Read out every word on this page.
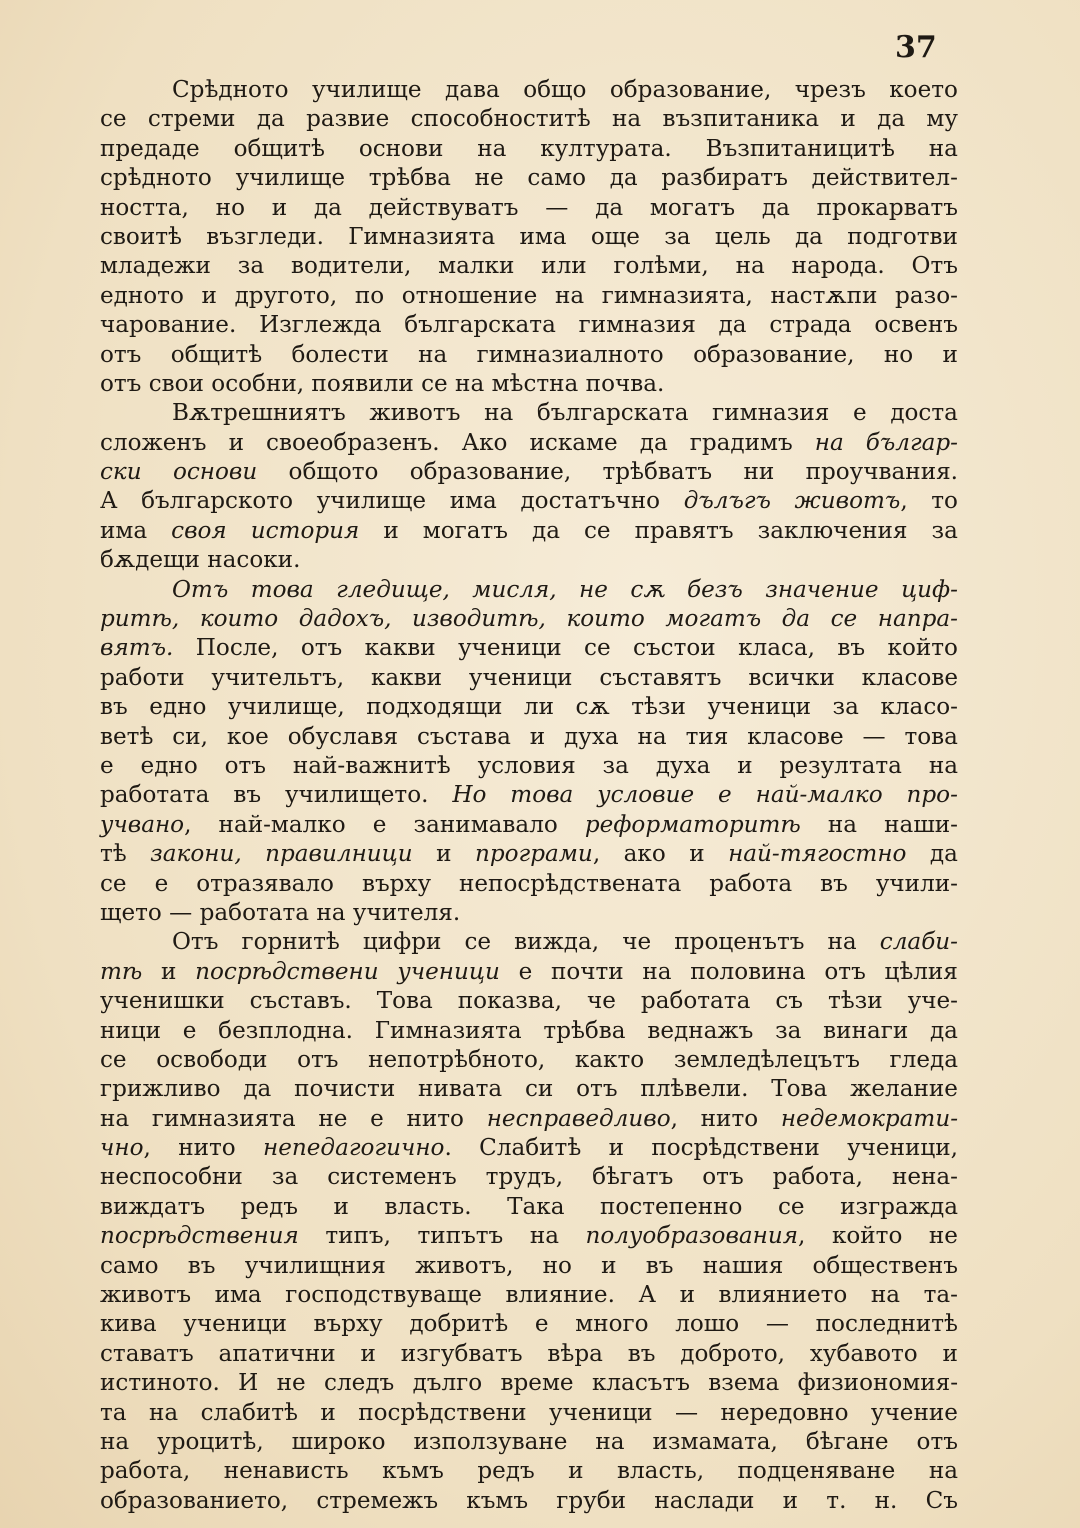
37
Срѣдното училище дава общо образование, чрезъ което
се стреми да развие способноститѣ на възпитаника и да му
предаде общитѣ основи на културата. Възпитаницитѣ на
срѣдното училище трѣбва не само да разбиратъ действител-
ността, но и да действуватъ — да могатъ да прокарватъ
своитѣ възгледи. Гимназията има още за цель да подготви
младежи за водители, малки или голѣми, на народа. Отъ
едното и другото, по отношение на гимназията, настѫпи разо-
чарование. Изглежда българската гимназия да страда освенъ
отъ общитѣ болести на гимназиалното образование, но и
отъ
свои
особни,
появили
се
на
мѣстна
почва.
Вѫтрешниятъ животъ на българската гимназия е доста
сложенъ и своеобразенъ. Ако искаме да градимъ на българ-
ски основи общото образование, трѣбватъ ни проучвания.
А българското училище има достатъчно дълъгъ животъ, то
има своя история и могатъ да се правятъ заключения за
бѫдещи
насоки.
Отъ това гледище, мисля, не сѫ безъ значение циф-
ритѣ, които дадохъ, изводитѣ, които могатъ да се напра-
вятъ. После, отъ какви ученици се състои класа, въ който
работи учительтъ, какви ученици съставятъ всички класове
въ едно училище, подходящи ли сѫ тѣзи ученици за класо-
ветѣ си, кое обуславя състава и духа на тия класове — това
е едно отъ най-важнитѣ условия за духа и резултата на
работата въ училището. Но това условие е най-малко про-
учвано, най-малко е занимавало реформаторитѣ на наши-
тѣ закони, правилници и програми, ако и най-тягостно да
се е отразявало върху непосрѣдствената работа въ учили-
щето
—
работата
на
учителя.
Отъ горнитѣ цифри се вижда, че проценътъ на слаби-
тѣ и посрѣдствени ученици е почти на половина отъ цѣлия
ученишки съставъ. Това показва, че работата съ тѣзи уче-
ници е безплодна. Гимназията трѣбва веднажъ за винаги да
се освободи отъ непотрѣбното, както земледѣлецътъ гледа
грижливо да почисти нивата си отъ плѣвели. Това желание
на гимназията не е нито несправедливо, нито недемократи-
чно, нито непедагогично. Слабитѣ и посрѣдствени ученици,
неспособни за системенъ трудъ, бѣгатъ отъ работа, нена-
виждатъ редъ и власть. Така постепенно се изгражда
посрѣдствения типъ, типътъ на полуобразования, който не
само въ училищния животъ, но и въ нашия общественъ
животъ има господствуваще влияние. А и влиянието на та-
кива ученици върху добритѣ е много лошо — последнитѣ
ставатъ апатични и изгубватъ вѣра въ доброто, хубавото и
истиното. И не следъ дълго време класътъ взема физиономия-
та на слабитѣ и посрѣдствени ученици — нередовно учение
на уроцитѣ, широко използуване на измамата, бѣгане отъ
работа, ненависть къмъ редъ и власть, подценяване на
образованието, стремежъ къмъ груби наслади и т. н. Съ
